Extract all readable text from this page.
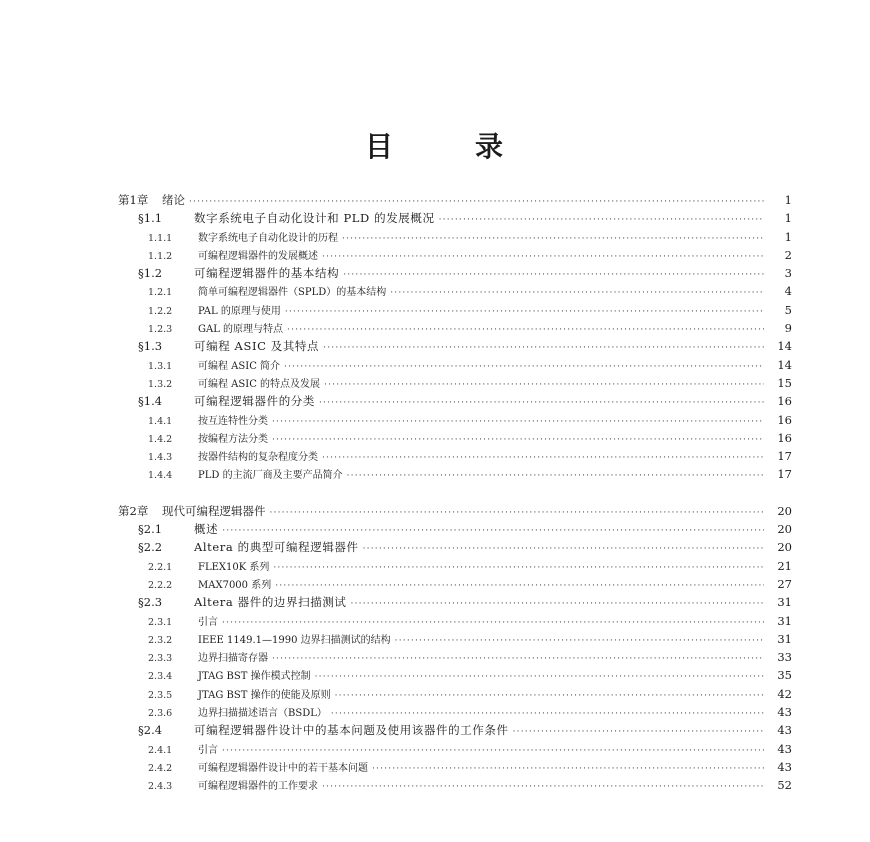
目	录
第1章	绪论 ·····	1
§1.1	数字系统电子自动化设计和 PLD 的发展概况 ·····	1
1.1.1	数字系统电子自动化设计的历程 ·····	1
1.1.2	可编程逻辑器件的发展概述 ·····	2
§1.2	可编程逻辑器件的基本结构 ·····	3
1.2.1	简单可编程逻辑器件（SPLD）的基本结构 ·····	4
1.2.2	PAL 的原理与使用 ·····	5
1.2.3	GAL 的原理与特点 ·····	9
§1.3	可编程 ASIC 及其特点 ·····	14
1.3.1	可编程 ASIC 简介 ·····	14
1.3.2	可编程 ASIC 的特点及发展 ·····	15
§1.4	可编程逻辑器件的分类 ·····	16
1.4.1	按互连特性分类 ·····	16
1.4.2	按编程方法分类 ·····	16
1.4.3	按器件结构的复杂程度分类 ·····	17
1.4.4	PLD 的主流厂商及主要产品简介 ·····	17
第2章	现代可编程逻辑器件 ·····	20
§2.1	概述 ·····	20
§2.2	Altera 的典型可编程逻辑器件 ·····	20
2.2.1	FLEX10K 系列 ·····	21
2.2.2	MAX7000 系列 ·····	27
§2.3	Altera 器件的边界扫描测试 ·····	31
2.3.1	引言 ·····	31
2.3.2	IEEE 1149.1—1990 边界扫描测试的结构 ·····	31
2.3.3	边界扫描寄存器 ·····	33
2.3.4	JTAG BST 操作模式控制 ·····	35
2.3.5	JTAG BST 操作的使能及原则 ·····	42
2.3.6	边界扫描描述语言（BSDL） ·····	43
§2.4	可编程逻辑器件设计中的基本问题及使用该器件的工作条件 ·····	43
2.4.1	引言 ·····	43
2.4.2	可编程逻辑器件设计中的若干基本问题 ·····	43
2.4.3	可编程逻辑器件的工作要求 ·····	52
